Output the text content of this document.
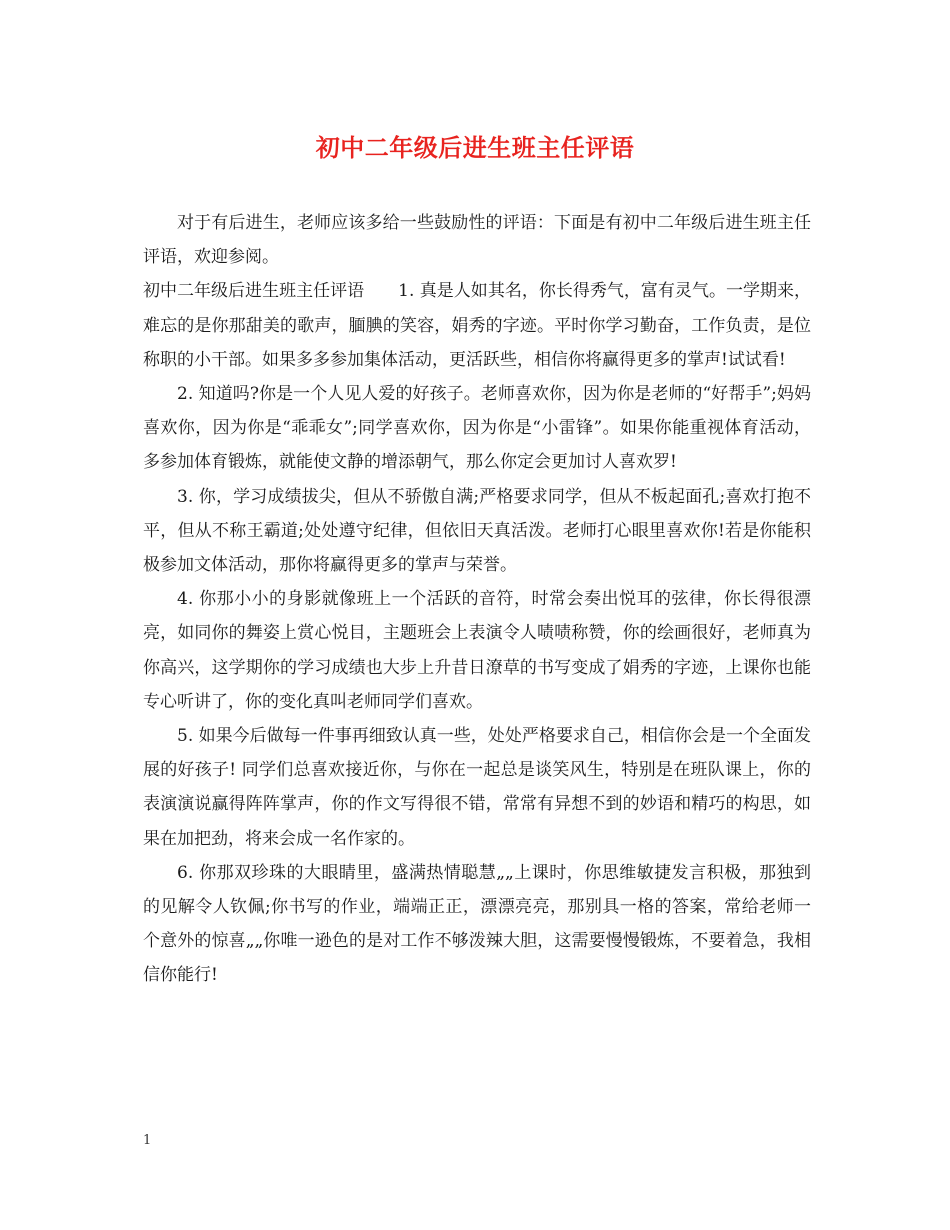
初中二年级后进生班主任评语

对于有后进生，老师应该多给一些鼓励性的评语：下面是有初中二年级后进生班主任评语，欢迎参阅。

初中二年级后进生班主任评语　　1. 真是人如其名，你长得秀气，富有灵气。一学期来，难忘的是你那甜美的歌声，腼腆的笑容，娟秀的字迹。平时你学习勤奋，工作负责，是位称职的小干部。如果多多参加集体活动，更活跃些，相信你将赢得更多的掌声!试试看!

2. 知道吗?你是一个人见人爱的好孩子。老师喜欢你，因为你是老师的“好帮手”;妈妈喜欢你，因为你是“乖乖女”;同学喜欢你，因为你是“小雷锋”。如果你能重视体育活动，多参加体育锻炼，就能使文静的增添朝气，那么你定会更加讨人喜欢罗!

3. 你，学习成绩拔尖，但从不骄傲自满;严格要求同学，但从不板起面孔;喜欢打抱不平，但从不称王霸道;处处遵守纪律，但依旧天真活泼。老师打心眼里喜欢你!若是你能积极参加文体活动，那你将赢得更多的掌声与荣誉。

4. 你那小小的身影就像班上一个活跃的音符，时常会奏出悦耳的弦律，你长得很漂亮，如同你的舞姿上赏心悦目，主题班会上表演令人啧啧称赞，你的绘画很好，老师真为你高兴，这学期你的学习成绩也大步上升昔日潦草的书写变成了娟秀的字迹，上课你也能专心听讲了，你的变化真叫老师同学们喜欢。

5. 如果今后做每一件事再细致认真一些，处处严格要求自己，相信你会是一个全面发展的好孩子! 同学们总喜欢接近你，与你在一起总是谈笑风生，特别是在班队课上，你的表演演说赢得阵阵掌声，你的作文写得很不错，常常有异想不到的妙语和精巧的构思，如果在加把劲，将来会成一名作家的。

6. 你那双珍珠的大眼睛里，盛满热情聪慧„„上课时，你思维敏捷发言积极，那独到的见解令人钦佩;你书写的作业，端端正正，漂漂亮亮，那别具一格的答案，常给老师一个意外的惊喜„„你唯一逊色的是对工作不够泼辣大胆，这需要慢慢锻炼，不要着急，我相信你能行!

1
